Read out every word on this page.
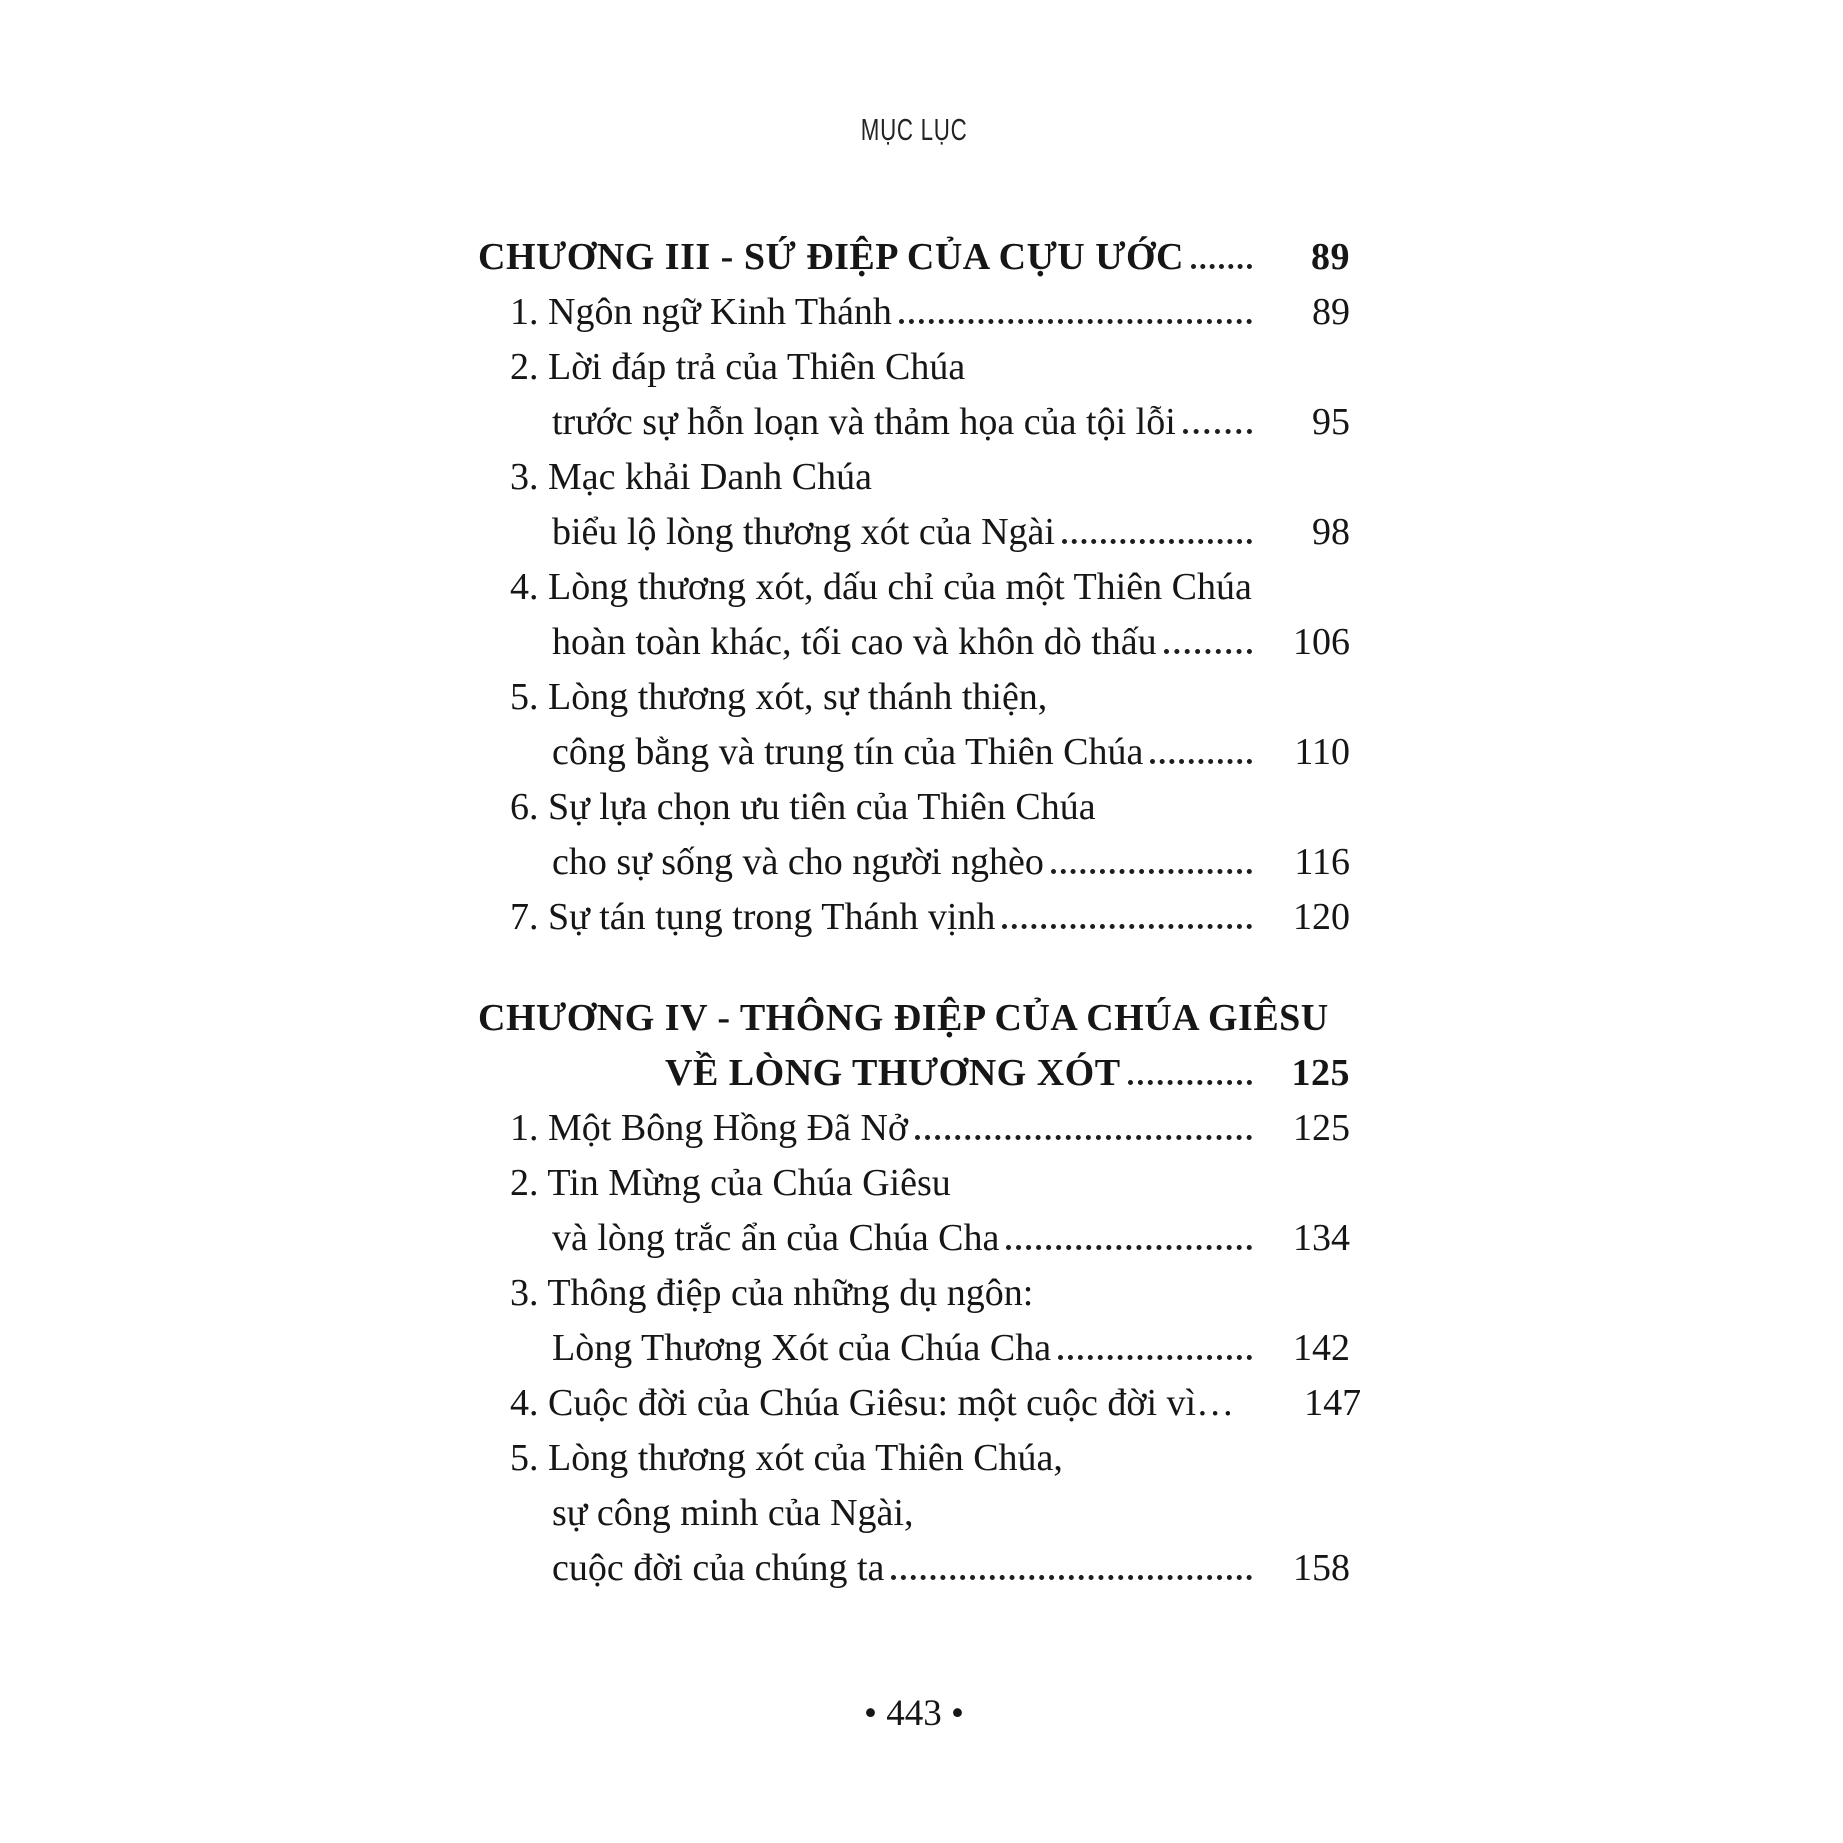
MỤC LỤC
CHƯƠNG III - SỨ ĐIỆP CỦA CỰU ƯỚC	89
1. Ngôn ngữ Kinh Thánh	89
2. Lời đáp trả của Thiên Chúa
trước sự hỗn loạn và thảm họa của tội lỗi	95
3. Mạc khải Danh Chúa
biểu lộ lòng thương xót của Ngài	98
4. Lòng thương xót, dấu chỉ của một Thiên Chúa
hoàn toàn khác, tối cao và khôn dò thấu	106
5. Lòng thương xót, sự thánh thiện,
công bằng và trung tín của Thiên Chúa	110
6. Sự lựa chọn ưu tiên của Thiên Chúa
cho sự sống và cho người nghèo	116
7. Sự tán tụng trong Thánh vịnh	120
CHƯƠNG IV - THÔNG ĐIỆP CỦA CHÚA GIÊSU
VỀ LÒNG THƯƠNG XÓT	125
1. Một Bông Hồng Đã Nở	125
2. Tin Mừng của Chúa Giêsu
và lòng trắc ẩn của Chúa Cha	134
3. Thông điệp của những dụ ngôn:
Lòng Thương Xót của Chúa Cha	142
4. Cuộc đời của Chúa Giêsu: một cuộc đời vì…	147
5. Lòng thương xót của Thiên Chúa,
sự công minh của Ngài,
cuộc đời của chúng ta	158
• 443 •
